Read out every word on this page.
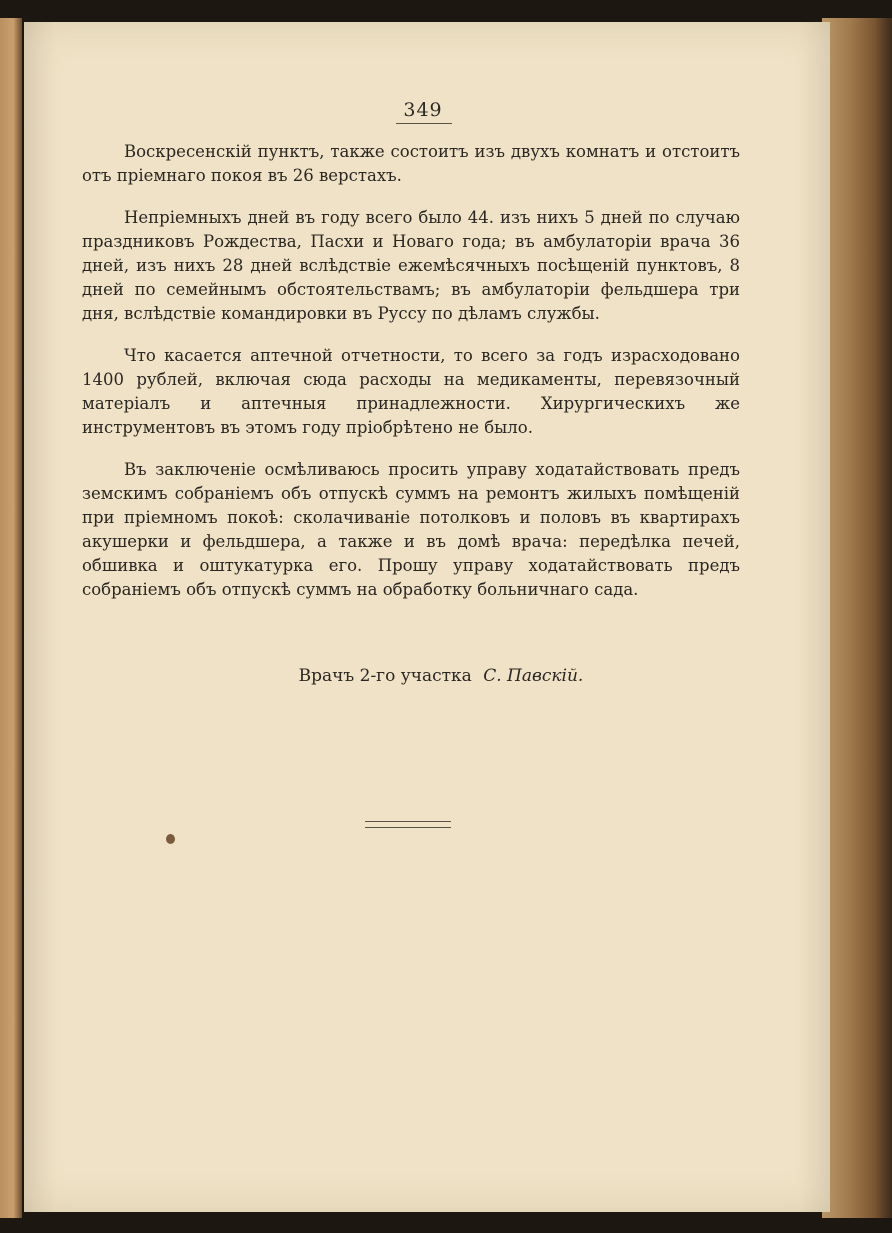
349

Воскресенскій пунктъ, также состоитъ изъ двухъ комнатъ и отстоитъ отъ пріемнаго покоя въ 26 верстахъ.

Непріемныхъ дней въ году всего было 44. изъ нихъ 5 дней по случаю праздниковъ Рождества, Пасхи и Новаго года; въ амбулаторіи врача 36 дней, изъ нихъ 28 дней вслѣдствіе ежемѣсячныхъ посѣщеній пунктовъ, 8 дней по семейнымъ обстоятельствамъ; въ амбулаторіи фельдшера три дня, вслѣдствіе командировки въ Руссу по дѣламъ службы.

Что касается аптечной отчетности, то всего за годъ израсходовано 1400 рублей, включая сюда расходы на медикаменты, перевязочный матеріалъ и аптечныя принадлежности. Хирургическихъ же инструментовъ въ этомъ году пріобрѣтено не было.

Въ заключеніе осмѣливаюсь просить управу ходатайствовать предъ земскимъ собраніемъ объ отпускѣ суммъ на ремонтъ жилыхъ помѣщеній при пріемномъ покоѣ: сколачиваніе потолковъ и половъ въ квартирахъ акушерки и фельдшера, а также и въ домѣ врача: передѣлка печей, обшивка и оштукатурка его. Прошу управу ходатайствовать предъ собраніемъ объ отпускѣ суммъ на обработку больничнаго сада.

Врачъ 2-го участка С. Павскій.
